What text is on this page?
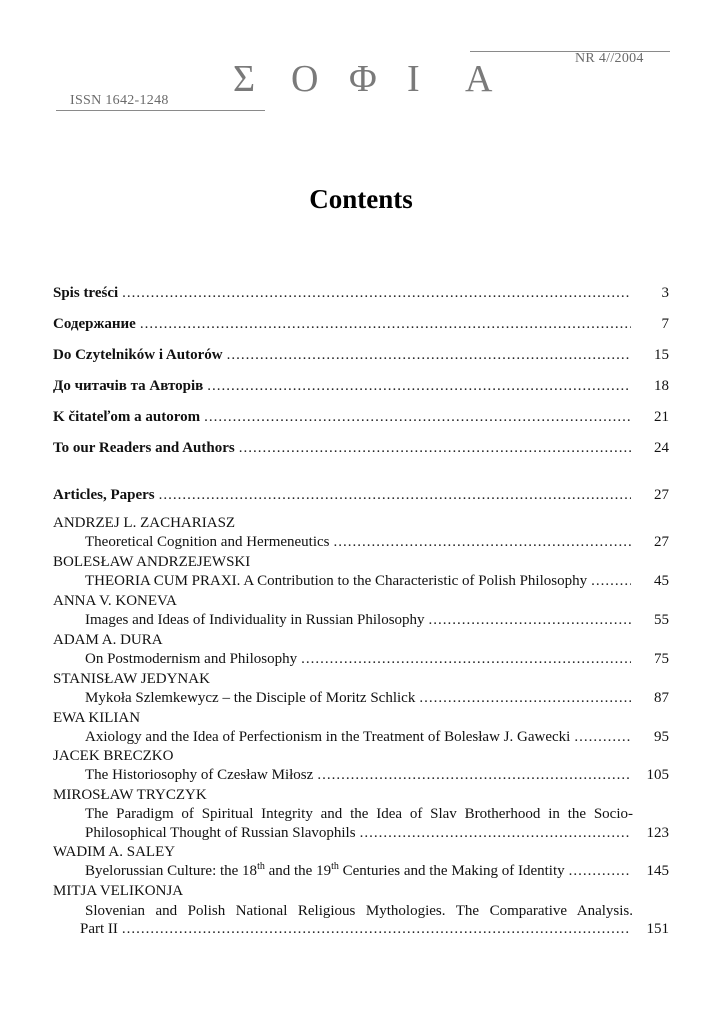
NR 4//2004
Σ Ο Φ Ι Α
ISSN 1642-1248
Contents
Spis treści .....	3
Содержание .....	7
Do Czytelników i Autorów .....	15
До читачів та Авторів .....	18
K čitateľom a autorom .....	21
To our Readers and Authors .....	24
Articles, Papers .....	27
ANDRZEJ L. ZACHARIASZ
Theoretical Cognition and Hermeneutics .....	27
BOLESŁAW ANDRZEJEWSKI
THEORIA CUM PRAXI. A Contribution to the Characteristic of Polish Philosophy .....	45
ANNA V. KONEVA
Images and Ideas of Individuality in Russian Philosophy .....	55
ADAM A. DURA
On Postmodernism and Philosophy .....	75
STANISŁAW JEDYNAK
Mykoła Szlemkewycz – the Disciple of Moritz Schlick .....	87
EWA KILIAN
Axiology and the Idea of Perfectionism in the Treatment of Bolesław J. Gawecki .....	95
JACEK BRECZKO
The Historiosophy of Czesław Miłosz .....	105
MIROSŁAW TRYCZYK
The Paradigm of Spiritual Integrity and the Idea of Slav Brotherhood in the Socio-
Philosophical Thought of Russian Slavophils .....	123
WADIM A. SALEY
Byelorussian Culture: the 18th and the 19th Centuries and the Making of Identity .....	145
MITJA VELIKONJA
Slovenian and Polish National Religious Mythologies. The Comparative Analysis.
Part II .....	151
